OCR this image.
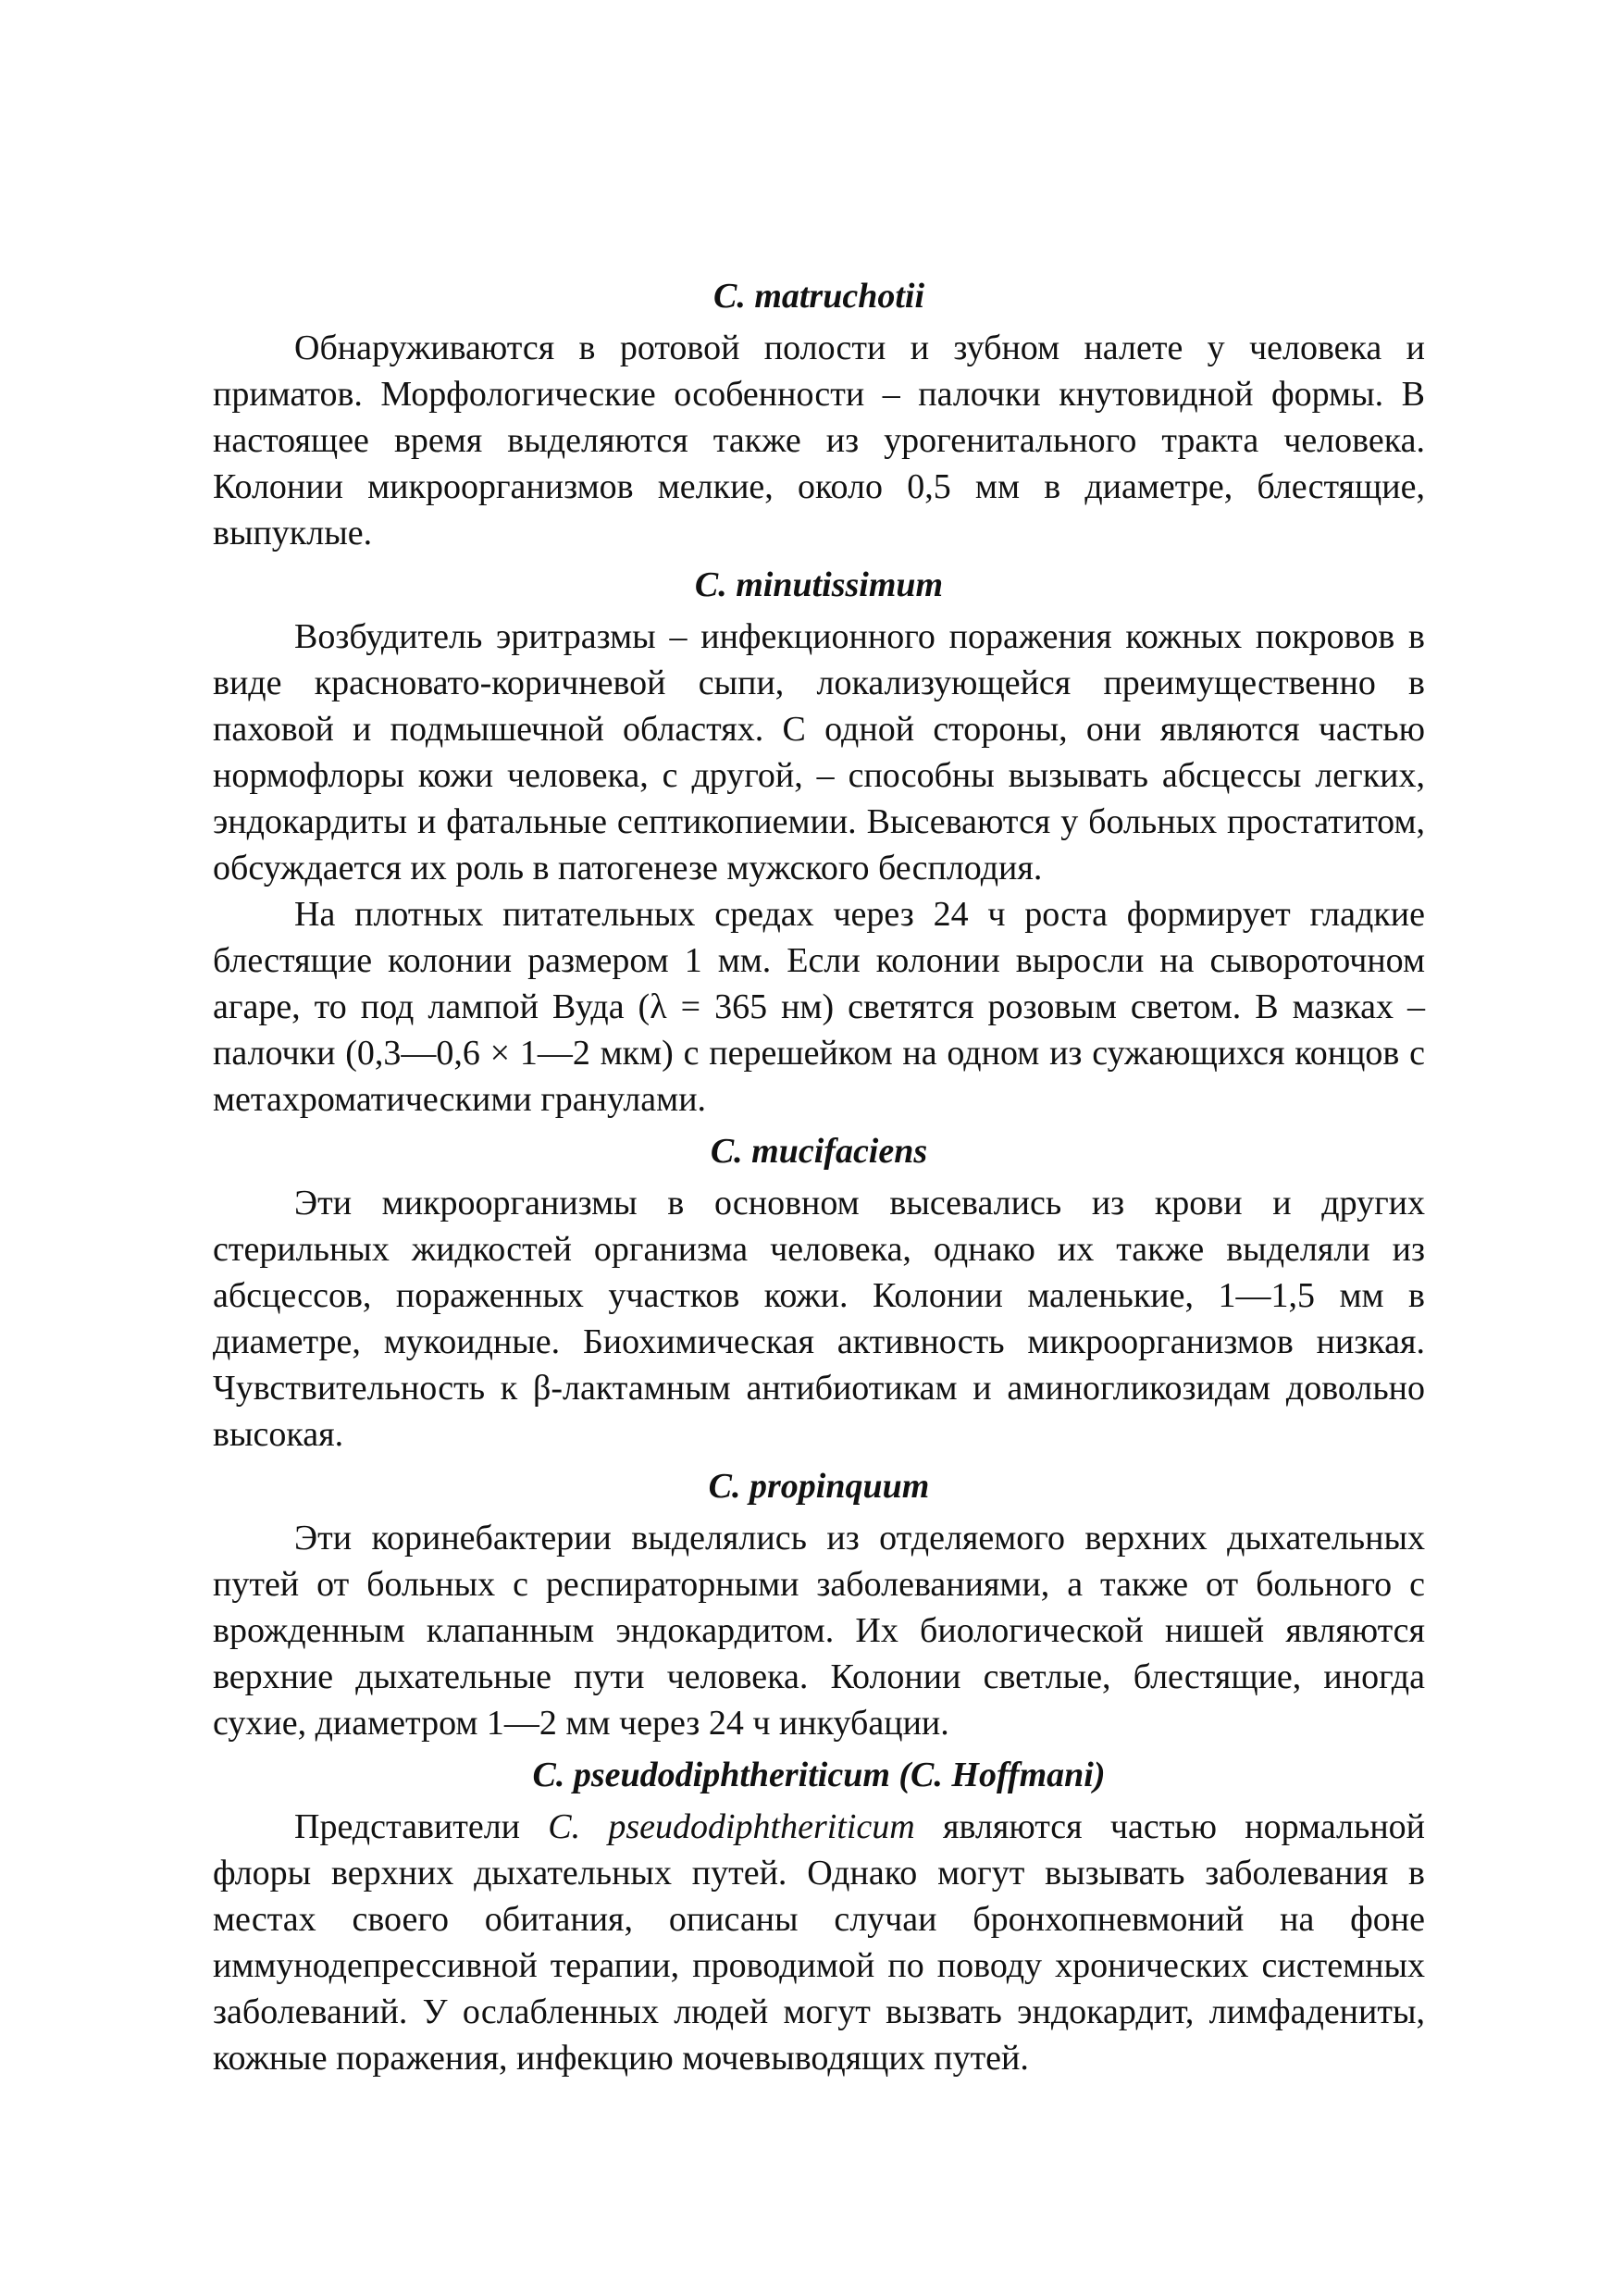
C. matruchotii

Обнаруживаются в ротовой полости и зубном налете у человека и приматов. Морфологические особенности – палочки кнутовидной формы. В настоящее время выделяются также из урогенитального тракта человека. Колонии микроорганизмов мелкие, около 0,5 мм в диаметре, блестящие, выпуклые.

C. minutissimum

Возбудитель эритразмы – инфекционного поражения кожных покровов в виде красновато-коричневой сыпи, локализующейся преимущественно в паховой и подмышечной областях. С одной стороны, они являются частью нормофлоры кожи человека, с другой, – способны вызывать абсцессы легких, эндокардиты и фатальные септикопиемии. Высеваются у больных простатитом, обсуждается их роль в патогенезе мужского бесплодия.

На плотных питательных средах через 24 ч роста формирует гладкие блестящие колонии размером 1 мм. Если колонии выросли на сывороточном агаре, то под лампой Вуда (λ = 365 нм) светятся розовым светом. В мазках – палочки (0,3—0,6 × 1—2 мкм) с перешейком на одном из сужающихся концов с метахроматическими гранулами.

C. mucifaciens

Эти микроорганизмы в основном высевались из крови и других стерильных жидкостей организма человека, однако их также выделяли из абсцессов, пораженных участков кожи. Колонии маленькие, 1—1,5 мм в диаметре, мукоидные. Биохимическая активность микроорганизмов низкая. Чувствительность к β-лактамным антибиотикам и аминогликозидам довольно высокая.

C. propinquum

Эти коринебактерии выделялись из отделяемого верхних дыхательных путей от больных с респираторными заболеваниями, а также от больного с врожденным клапанным эндокардитом. Их биологической нишей являются верхние дыхательные пути человека. Колонии светлые, блестящие, иногда сухие, диаметром 1—2 мм через 24 ч инкубации.

C. pseudodiphtheriticum (C. Hoffmani)

Представители C. pseudodiphtheriticum являются частью нормальной флоры верхних дыхательных путей. Однако могут вызывать заболевания в местах своего обитания, описаны случаи бронхопневмоний на фоне иммунодепрессивной терапии, проводимой по поводу хронических системных заболеваний. У ослабленных людей могут вызвать эндокардит, лимфадениты, кожные поражения, инфекцию мочевыводящих путей.
